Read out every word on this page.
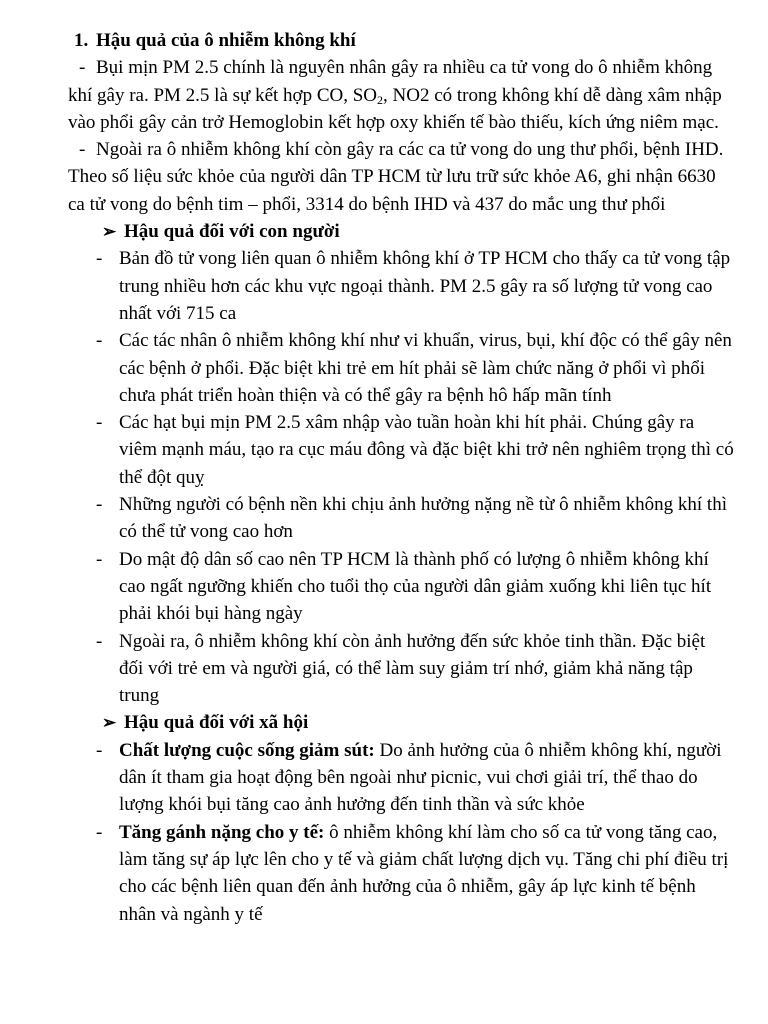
1. Hậu quả của ô nhiễm không khí

- Bụi mịn PM 2.5 chính là nguyên nhân gây ra nhiều ca tử vong do ô nhiễm không khí gây ra. PM 2.5 là sự kết hợp CO, $SO_2$, NO2 có trong không khí dễ dàng xâm nhập vào phổi gây cản trở Hemoglobin kết hợp oxy khiến tế bào thiếu, kích ứng niêm mạc.

- Ngoài ra ô nhiễm không khí còn gây ra các ca tử vong do ung thư phổi, bệnh IHD. Theo số liệu sức khỏe của người dân TP HCM từ lưu trữ sức khỏe A6, ghi nhận 6630 ca tử vong do bệnh tim – phổi, 3314 do bệnh IHD và 437 do mắc ung thư phổi

➢ Hậu quả đối với con người
- Bản đồ tử vong liên quan ô nhiễm không khí ở TP HCM cho thấy ca tử vong tập trung nhiều hơn các khu vực ngoại thành. PM 2.5 gây ra số lượng tử vong cao nhất với 715 ca
- Các tác nhân ô nhiễm không khí như vi khuẩn, virus, bụi, khí độc có thể gây nên các bệnh ở phổi. Đặc biệt khi trẻ em hít phải sẽ làm chức năng ở phổi vì phổi chưa phát triển hoàn thiện và có thể gây ra bệnh hô hấp mãn tính
- Các hạt bụi mịn PM 2.5 xâm nhập vào tuần hoàn khi hít phải. Chúng gây ra viêm mạnh máu, tạo ra cục máu đông và đặc biệt khi trở nên nghiêm trọng thì có thể đột quỵ
- Những người có bệnh nền khi chịu ảnh hưởng nặng nề từ ô nhiễm không khí thì có thể tử vong cao hơn
- Do mật độ dân số cao nên TP HCM là thành phố có lượng ô nhiễm không khí cao ngất ngưỡng khiến cho tuổi thọ của người dân giảm xuống khi liên tục hít phải khói bụi hàng ngày
- Ngoài ra, ô nhiễm không khí còn ảnh hưởng đến sức khỏe tinh thần. Đặc biệt đối với trẻ em và người giá, có thể làm suy giảm trí nhớ, giảm khả năng tập trung
➢ Hậu quả đối với xã hội
- Chất lượng cuộc sống giảm sút: Do ảnh hưởng của ô nhiễm không khí, người dân ít tham gia hoạt động bên ngoài như picnic, vui chơi giải trí, thể thao do lượng khói bụi tăng cao ảnh hưởng đến tinh thần và sức khỏe
- Tăng gánh nặng cho y tế: ô nhiễm không khí làm cho số ca tử vong tăng cao, làm tăng sự áp lực lên cho y tế và giảm chất lượng dịch vụ. Tăng chi phí điều trị cho các bệnh liên quan đến ảnh hưởng của ô nhiễm, gây áp lực kinh tế bệnh nhân và ngành y tế
